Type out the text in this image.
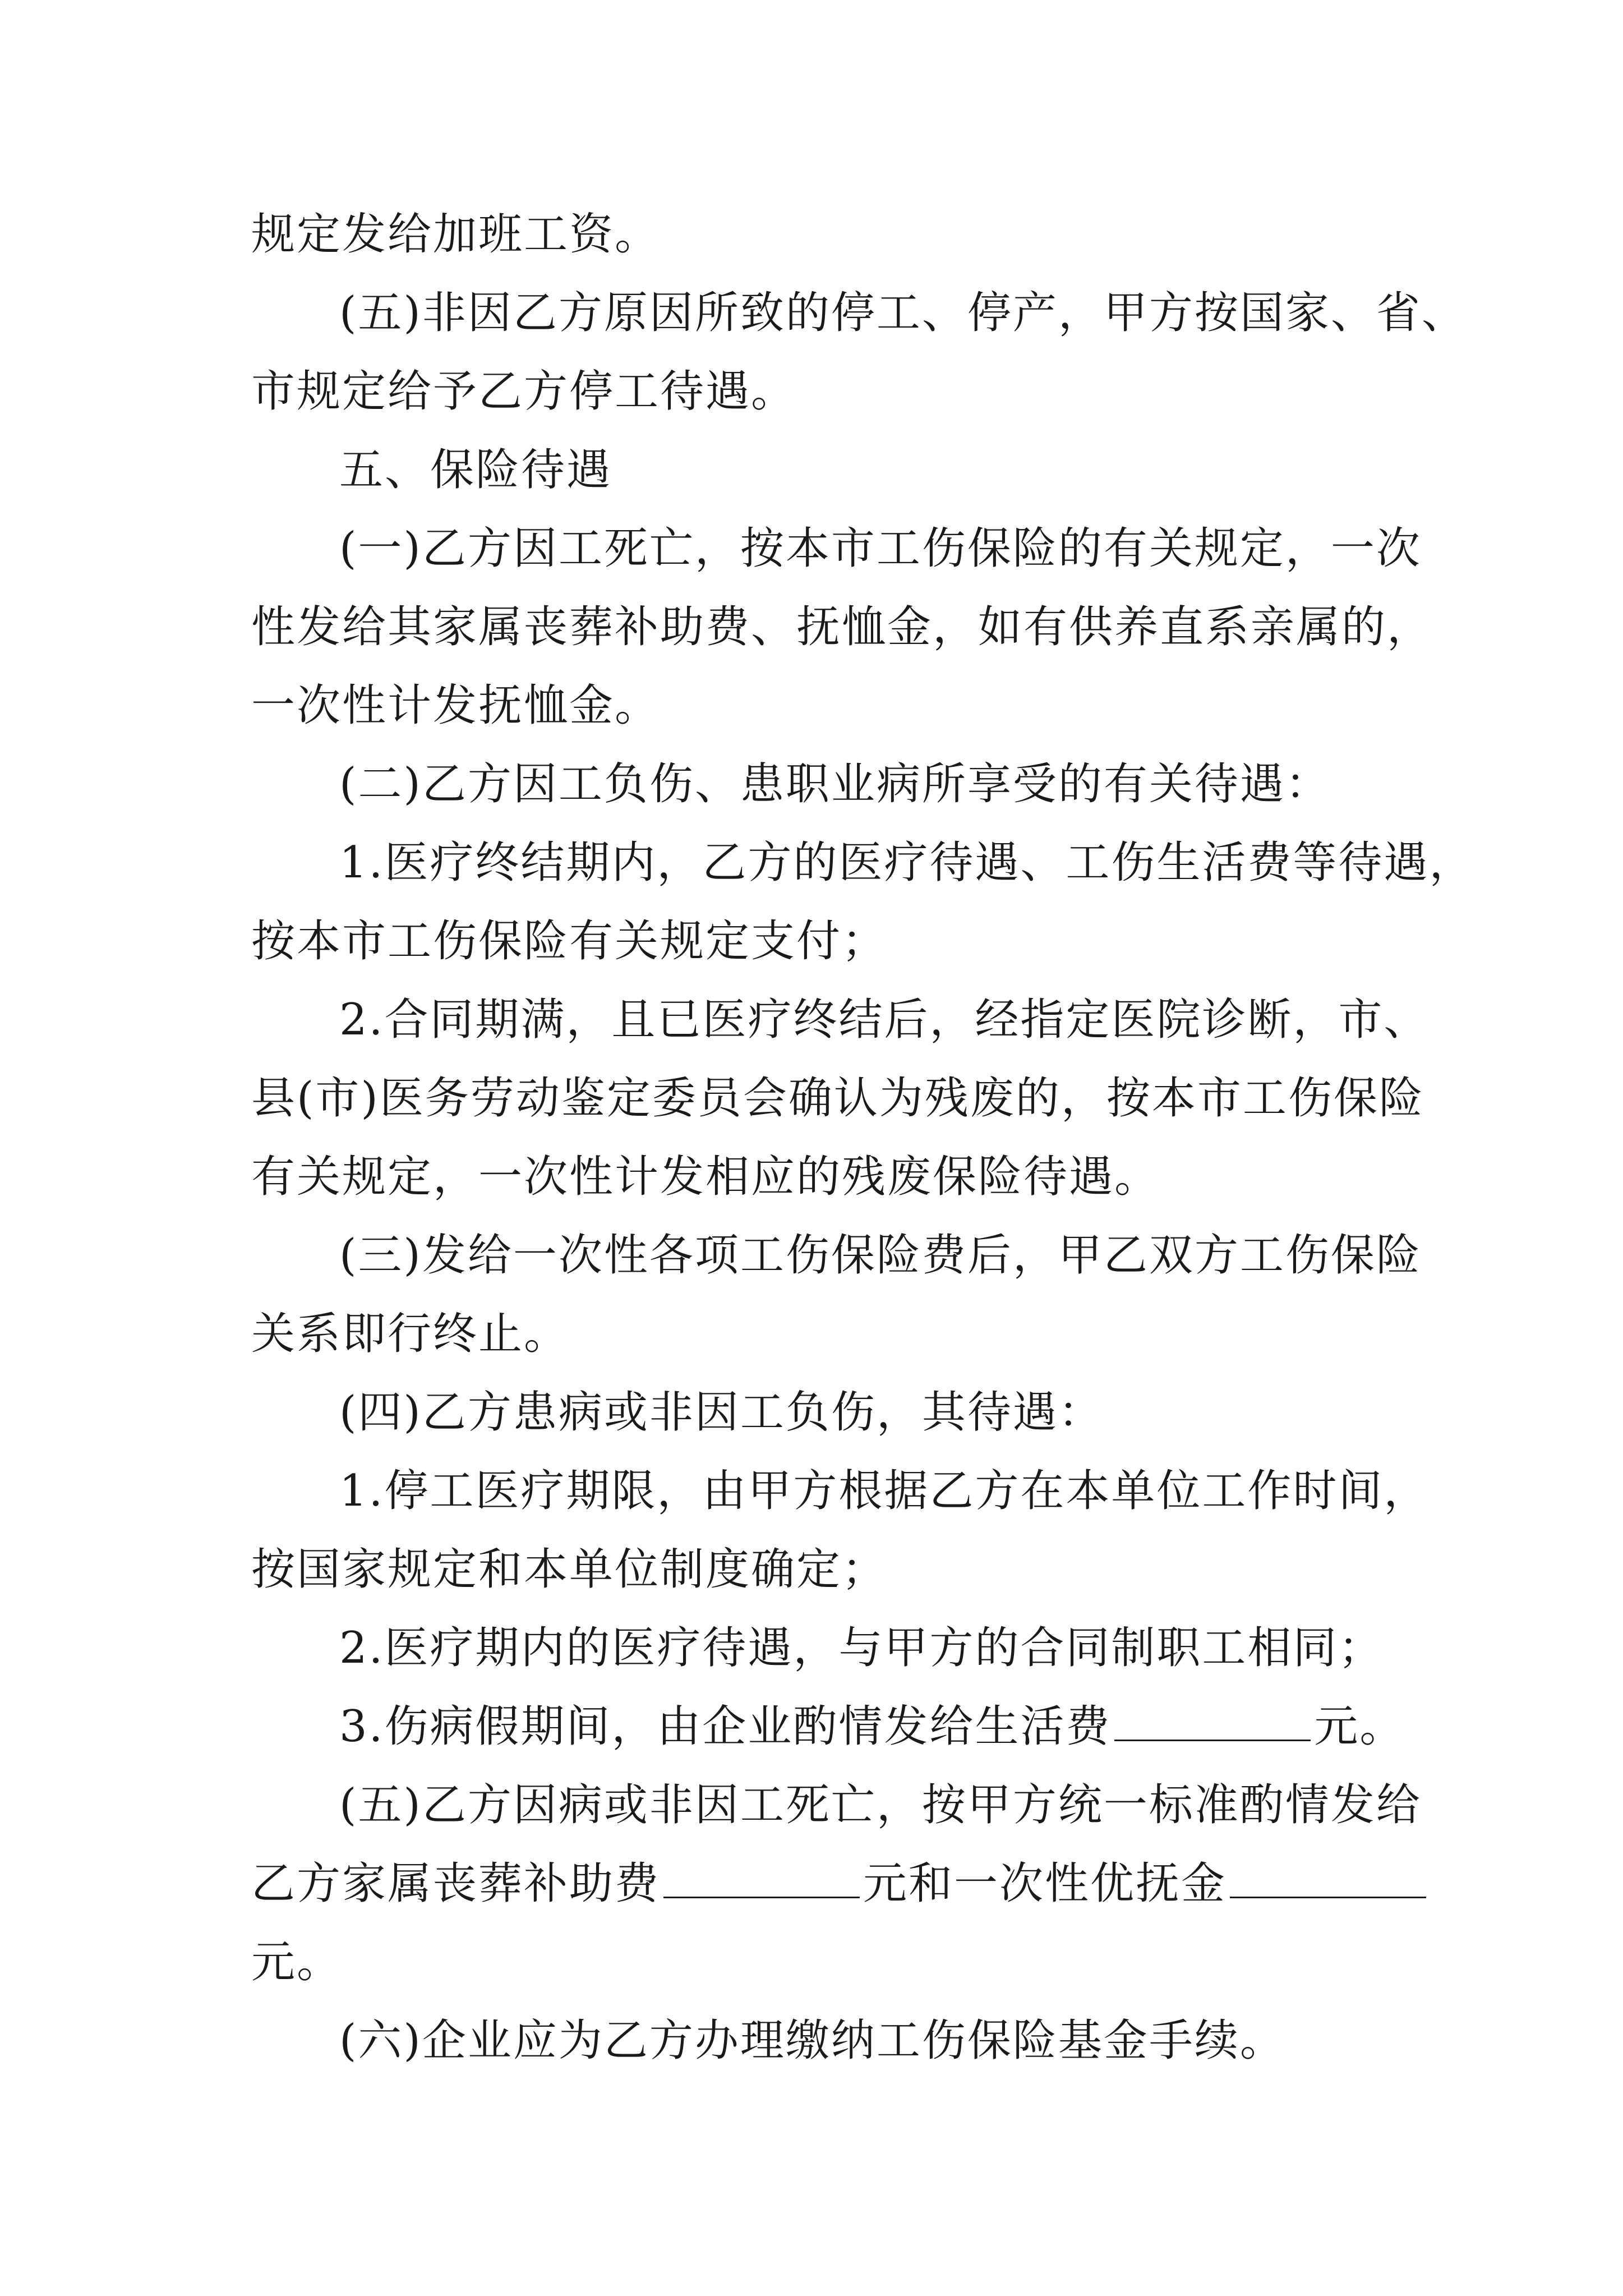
规定发给加班工资。
(五)非因乙方原因所致的停工、停产，甲方按国家、省、
市规定给予乙方停工待遇。
五、保险待遇
(一)乙方因工死亡，按本市工伤保险的有关规定，一次
性发给其家属丧葬补助费、抚恤金，如有供养直系亲属的，
一次性计发抚恤金。
(二)乙方因工负伤、患职业病所享受的有关待遇：
1.医疗终结期内，乙方的医疗待遇、工伤生活费等待遇，
按本市工伤保险有关规定支付；
2.合同期满，且已医疗终结后，经指定医院诊断，市、
县(市)医务劳动鉴定委员会确认为残废的，按本市工伤保险
有关规定，一次性计发相应的残废保险待遇。
(三)发给一次性各项工伤保险费后，甲乙双方工伤保险
关系即行终止。
(四)乙方患病或非因工负伤，其待遇：
1.停工医疗期限，由甲方根据乙方在本单位工作时间，
按国家规定和本单位制度确定；
2.医疗期内的医疗待遇，与甲方的合同制职工相同；
3.伤病假期间，由企业酌情发给生活费	元。
(五)乙方因病或非因工死亡，按甲方统一标准酌情发给
乙方家属丧葬补助费	元和一次性优抚金
元。
(六)企业应为乙方办理缴纳工伤保险基金手续。
